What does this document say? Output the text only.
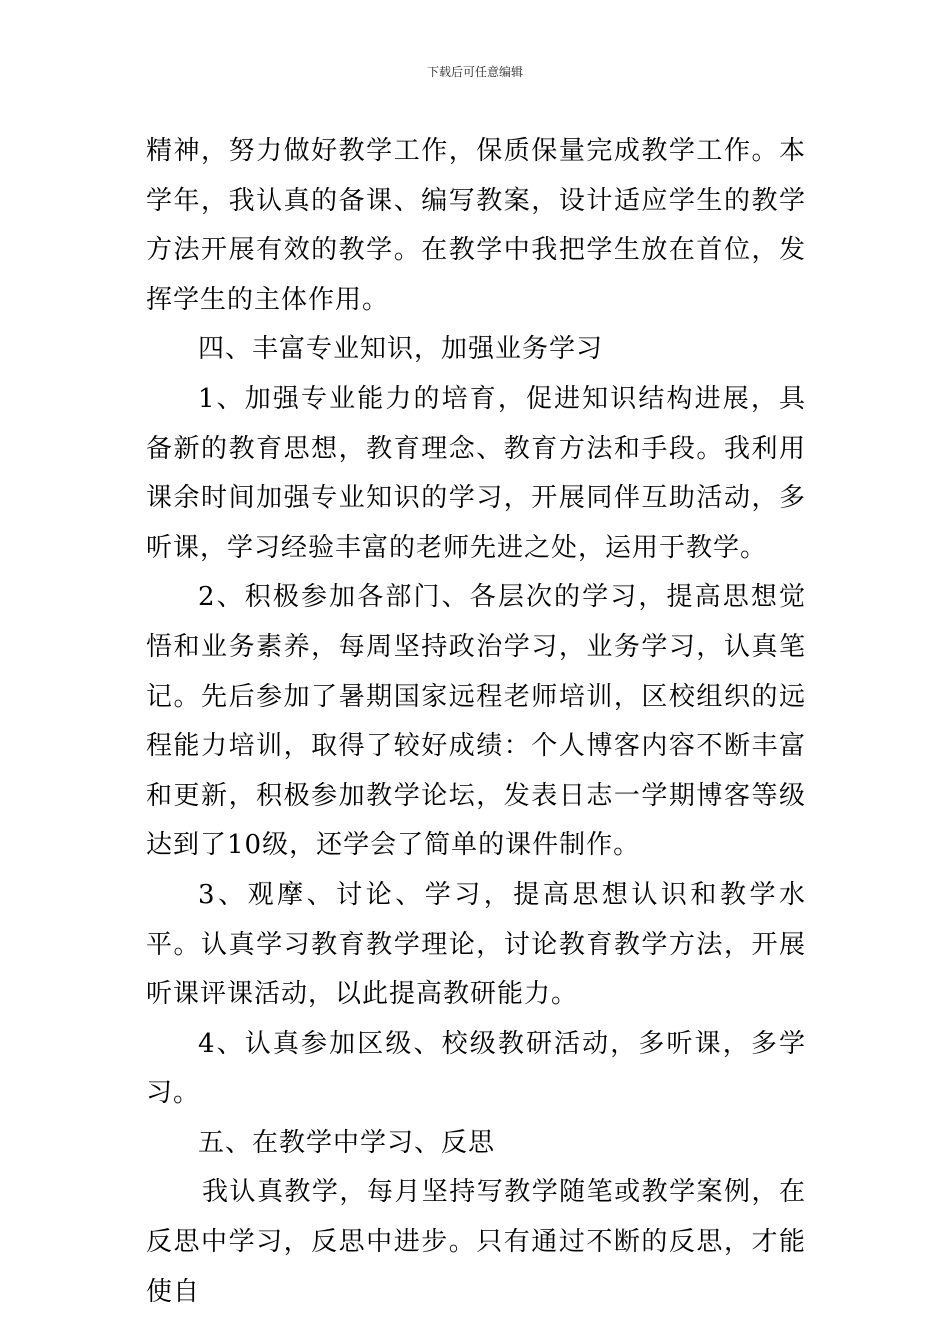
下载后可任意编辑

精神，努力做好教学工作，保质保量完成教学工作。本学年，我认真的备课、编写教案，设计适应学生的教学方法开展有效的教学。在教学中我把学生放在首位，发挥学生的主体作用。

四、丰富专业知识，加强业务学习

1、加强专业能力的培育，促进知识结构进展，具备新的教育思想，教育理念、教育方法和手段。我利用课余时间加强专业知识的学习，开展同伴互助活动，多听课，学习经验丰富的老师先进之处，运用于教学。

2、积极参加各部门、各层次的学习，提高思想觉悟和业务素养，每周坚持政治学习，业务学习，认真笔记。先后参加了暑期国家远程老师培训，区校组织的远程能力培训，取得了较好成绩：个人博客内容不断丰富和更新，积极参加教学论坛，发表日志一学期博客等级达到了10级，还学会了简单的课件制作。

3、观摩、讨论、学习，提高思想认识和教学水平。认真学习教育教学理论，讨论教育教学方法，开展听课评课活动，以此提高教研能力。

4、认真参加区级、校级教研活动，多听课，多学习。

五、在教学中学习、反思

我认真教学，每月坚持写教学随笔或教学案例，在反思中学习，反思中进步。只有通过不断的反思，才能使自
